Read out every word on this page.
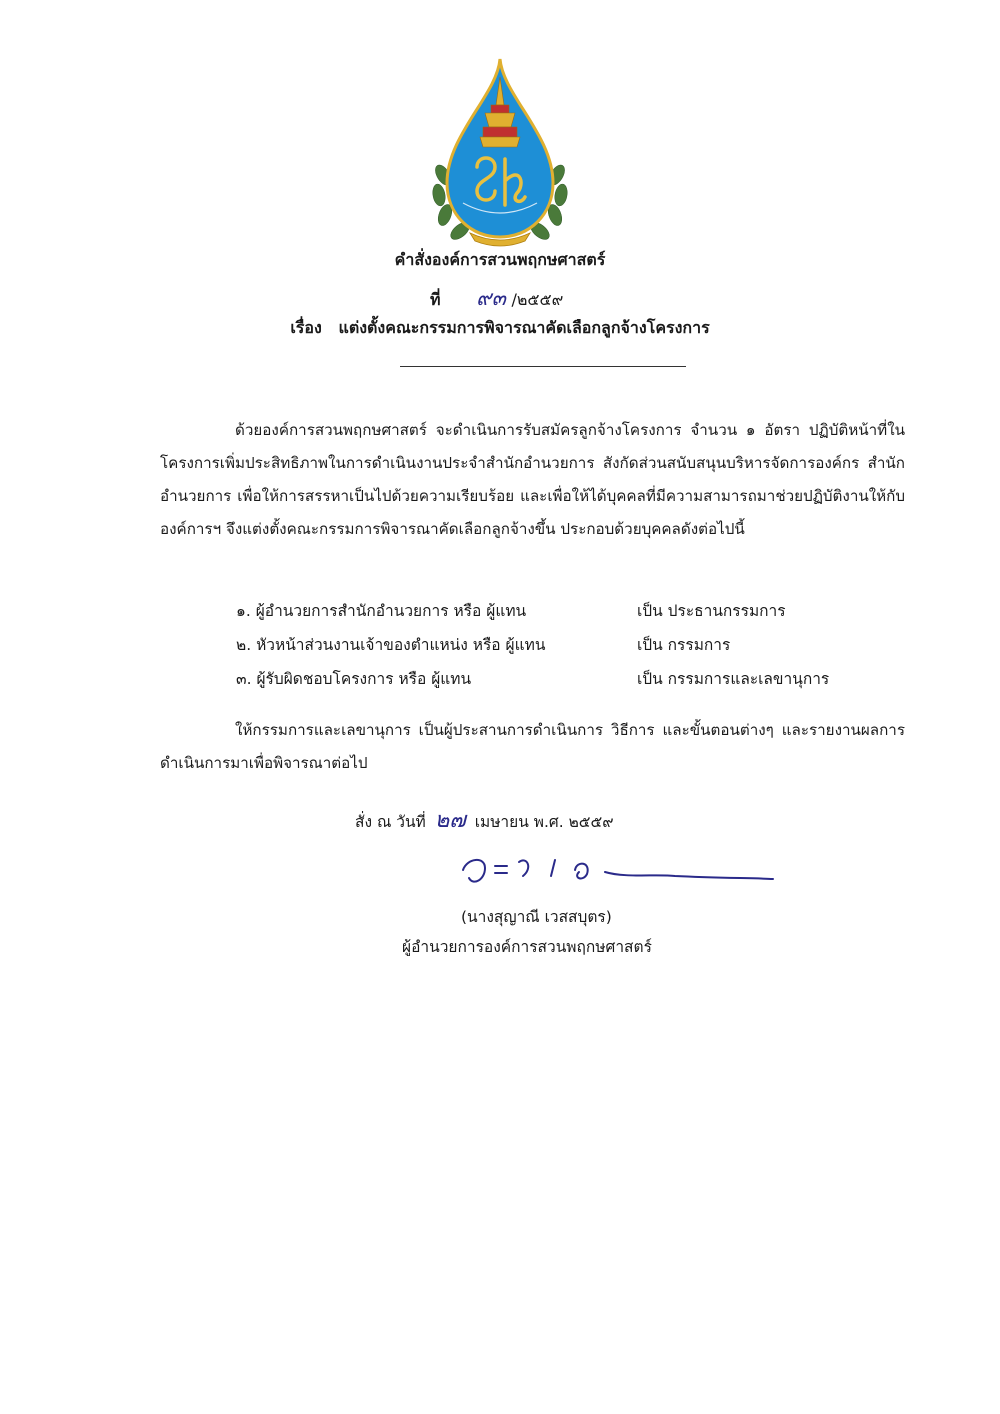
คำสั่งองค์การสวนพฤกษศาสตร์
ที่ ๙๓ /๒๕๕๙
เรื่อง แต่งตั้งคณะกรรมการพิจารณาคัดเลือกลูกจ้างโครงการ
ด้วยองค์การสวนพฤกษศาสตร์ จะดำเนินการรับสมัครลูกจ้างโครงการ จำนวน ๑ อัตรา ปฏิบัติหน้าที่ในโครงการเพิ่มประสิทธิภาพในการดำเนินงานประจำสำนักอำนวยการ สังกัดส่วนสนับสนุนบริหารจัดการองค์กร สำนักอำนวยการ เพื่อให้การสรรหาเป็นไปด้วยความเรียบร้อย และเพื่อให้ได้บุคคลที่มีความสามารถมาช่วยปฏิบัติงานให้กับองค์การฯ จึงแต่งตั้งคณะกรรมการพิจารณาคัดเลือกลูกจ้างขึ้น ประกอบด้วยบุคคลดังต่อไปนี้
๑. ผู้อำนวยการสำนักอำนวยการ หรือ ผู้แทน	เป็น ประธานกรรมการ
๒. หัวหน้าส่วนงานเจ้าของตำแหน่ง หรือ ผู้แทน	เป็น กรรมการ
๓. ผู้รับผิดชอบโครงการ หรือ ผู้แทน	เป็น กรรมการและเลขานุการ
ให้กรรมการและเลขานุการ เป็นผู้ประสานการดำเนินการ วิธีการ และขั้นตอนต่างๆ และรายงานผลการดำเนินการมาเพื่อพิจารณาต่อไป
สั่ง ณ วันที่ ๒๗ เมษายน พ.ศ. ๒๕๕๙
(นางสุญาณี เวสสบุตร)
ผู้อำนวยการองค์การสวนพฤกษศาสตร์
